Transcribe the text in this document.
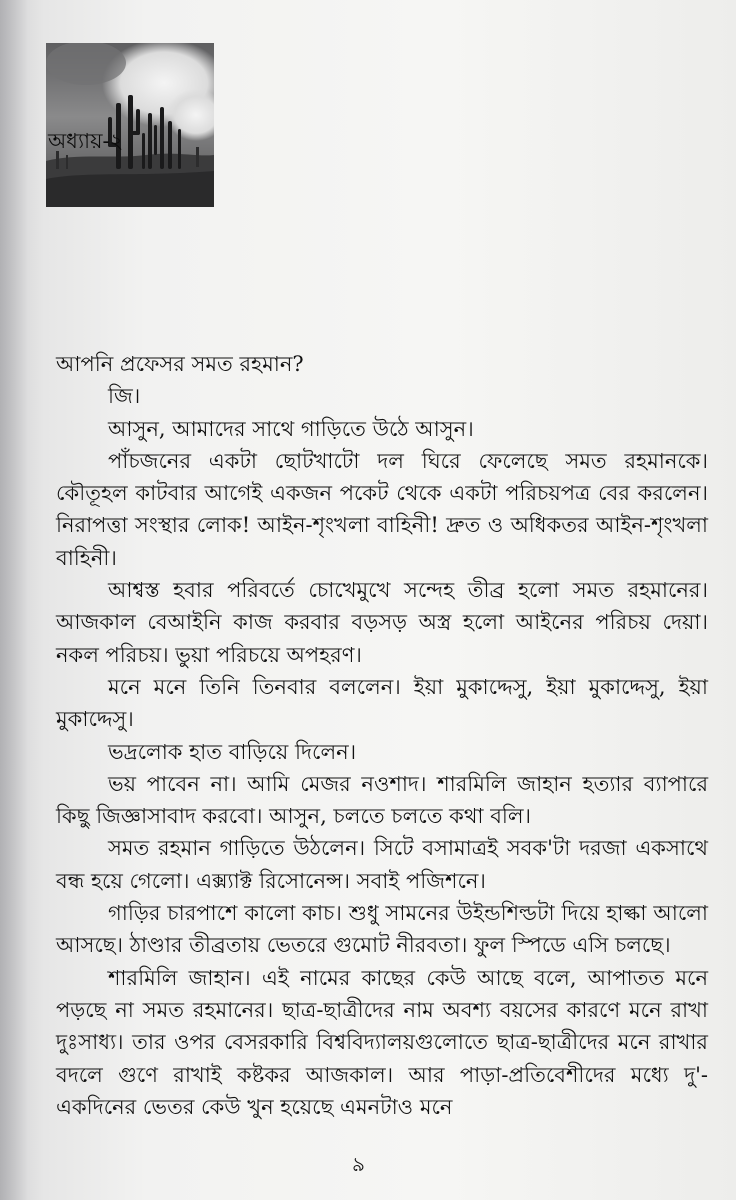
অধ্যায়-২

আপনি প্রফেসর সমত রহমান?

জি।

আসুন, আমাদের সাথে গাড়িতে উঠে আসুন।

পাঁচজনের একটা ছোটখাটো দল ঘিরে ফেলেছে সমত রহমানকে। কৌতূহল কাটবার আগেই একজন পকেট থেকে একটা পরিচয়পত্র বের করলেন। নিরাপত্তা সংস্থার লোক! আইন-শৃংখলা বাহিনী! দ্রুত ও অধিকতর আইন-শৃংখলা বাহিনী।

আশ্বস্ত হবার পরিবর্তে চোখেমুখে সন্দেহ তীব্র হলো সমত রহমানের। আজকাল বেআইনি কাজ করবার বড়সড় অস্ত্র হলো আইনের পরিচয় দেয়া। নকল পরিচয়। ভুয়া পরিচয়ে অপহরণ।

মনে মনে তিনি তিনবার বললেন। ইয়া মুকাদ্দেসু, ইয়া মুকাদ্দেসু, ইয়া মুকাদ্দেসু।

ভদ্রলোক হাত বাড়িয়ে দিলেন।

ভয় পাবেন না। আমি মেজর নওশাদ। শারমিলি জাহান হত্যার ব্যাপারে কিছু জিজ্ঞাসাবাদ করবো। আসুন, চলতে চলতে কথা বলি।

সমত রহমান গাড়িতে উঠলেন। সিটে বসামাত্রই সবক'টা দরজা একসাথে বন্ধ হয়ে গেলো। এক্স্যাক্ট রিসোনেন্স। সবাই পজিশনে।

গাড়ির চারপাশে কালো কাচ। শুধু সামনের উইন্ডশিল্ডটা দিয়ে হাল্কা আলো আসছে। ঠাণ্ডার তীব্রতায় ভেতরে গুমোট নীরবতা। ফুল স্পিডে এসি চলছে।

শারমিলি জাহান। এই নামের কাছের কেউ আছে বলে, আপাতত মনে পড়ছে না সমত রহমানের। ছাত্র-ছাত্রীদের নাম অবশ্য বয়সের কারণে মনে রাখা দুঃসাধ্য। তার ওপর বেসরকারি বিশ্ববিদ্যালয়গুলোতে ছাত্র-ছাত্রীদের মনে রাখার বদলে গুণে রাখাই কষ্টকর আজকাল। আর পাড়া-প্রতিবেশীদের মধ্যে দু'-একদিনের ভেতর কেউ খুন হয়েছে এমনটাও মনে

৯
